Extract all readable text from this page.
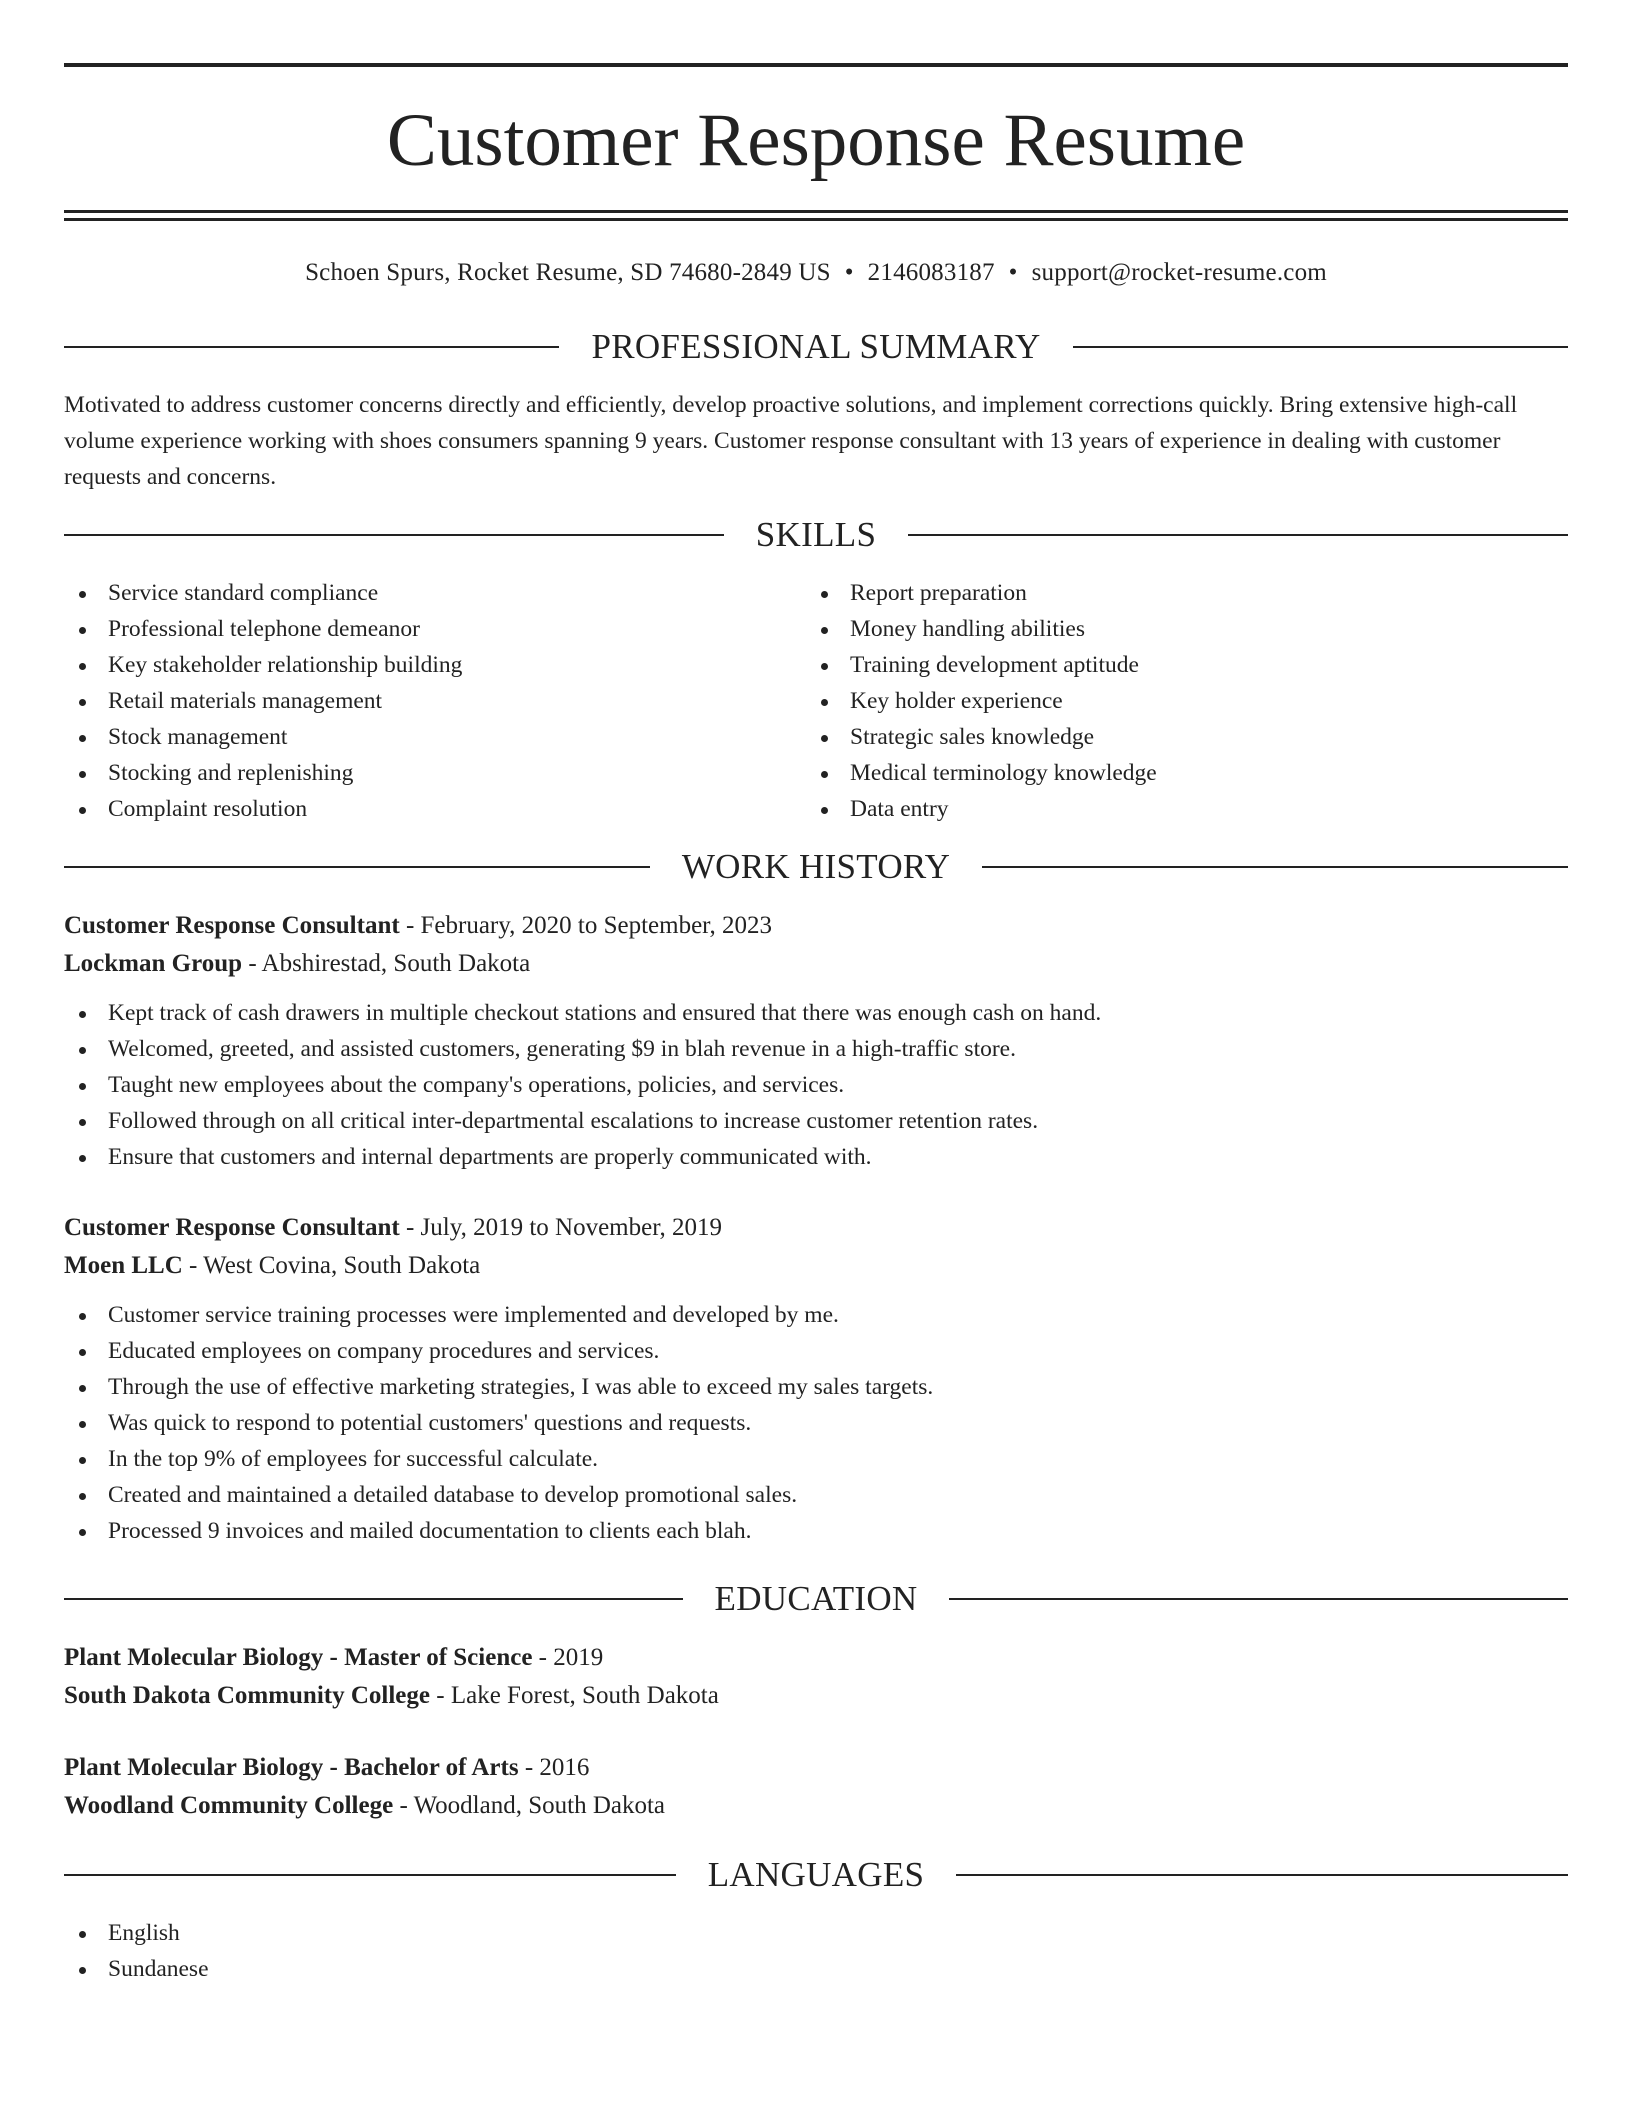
Customer Response Resume
Schoen Spurs, Rocket Resume, SD 74680-2849 US • 2146083187 • support@rocket-resume.com
PROFESSIONAL SUMMARY

Motivated to address customer concerns directly and efficiently, develop proactive solutions, and implement corrections quickly. Bring extensive high-call volume experience working with shoes consumers spanning 9 years. Customer response consultant with 13 years of experience in dealing with customer requests and concerns.

SKILLS
Service standard compliance
Professional telephone demeanor
Key stakeholder relationship building
Retail materials management
Stock management
Stocking and replenishing
Complaint resolution
Report preparation
Money handling abilities
Training development aptitude
Key holder experience
Strategic sales knowledge
Medical terminology knowledge
Data entry
WORK HISTORY
Customer Response Consultant - February, 2020 to September, 2023
Lockman Group - Abshirestad, South Dakota
Kept track of cash drawers in multiple checkout stations and ensured that there was enough cash on hand.
Welcomed, greeted, and assisted customers, generating $9 in blah revenue in a high-traffic store.
Taught new employees about the company's operations, policies, and services.
Followed through on all critical inter-departmental escalations to increase customer retention rates.
Ensure that customers and internal departments are properly communicated with.
Customer Response Consultant - July, 2019 to November, 2019
Moen LLC - West Covina, South Dakota
Customer service training processes were implemented and developed by me.
Educated employees on company procedures and services.
Through the use of effective marketing strategies, I was able to exceed my sales targets.
Was quick to respond to potential customers' questions and requests.
In the top 9% of employees for successful calculate.
Created and maintained a detailed database to develop promotional sales.
Processed 9 invoices and mailed documentation to clients each blah.
EDUCATION
Plant Molecular Biology - Master of Science - 2019
South Dakota Community College - Lake Forest, South Dakota
Plant Molecular Biology - Bachelor of Arts - 2016
Woodland Community College - Woodland, South Dakota
LANGUAGES
English
Sundanese
